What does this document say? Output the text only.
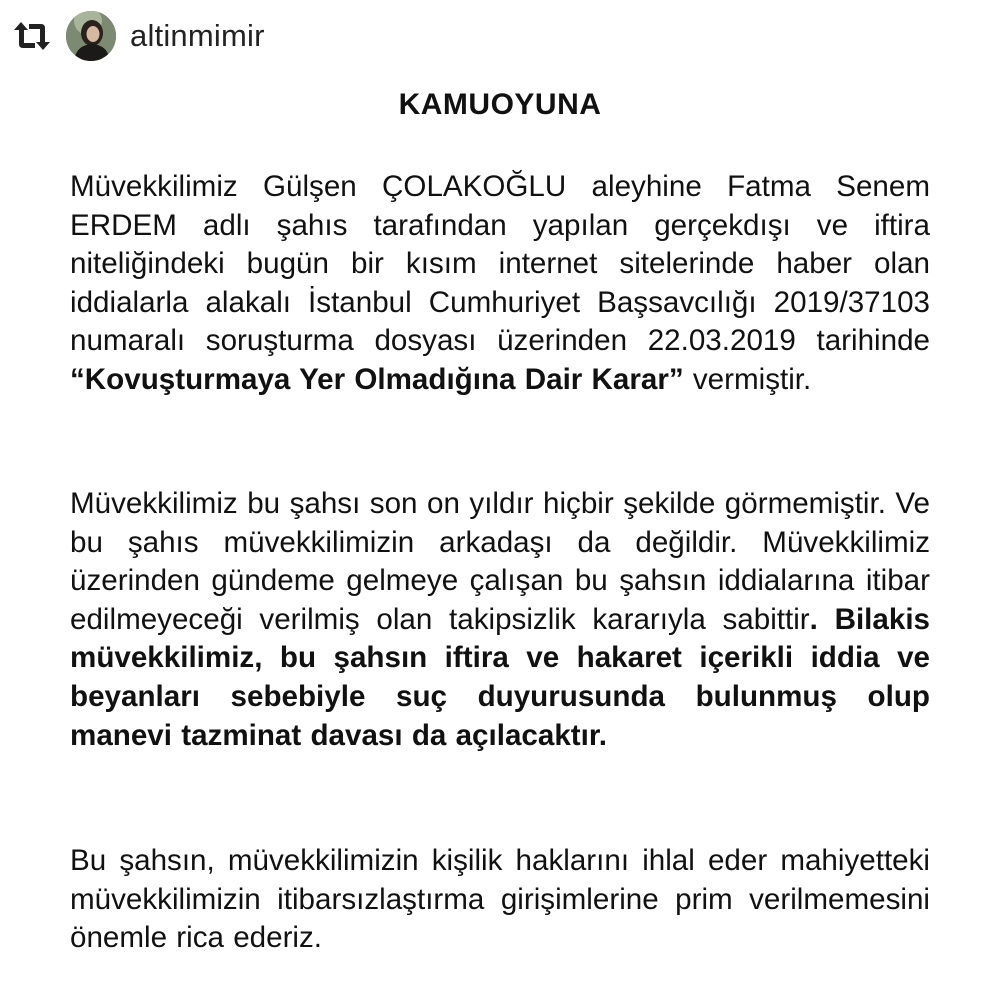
altinmimir
KAMUOYUNA
Müvekkilimiz Gülşen ÇOLAKOĞLU aleyhine Fatma Senem ERDEM adlı şahıs tarafından yapılan gerçekdışı ve iftira niteliğindeki bugün bir kısım internet sitelerinde haber olan iddialarla alakalı İstanbul Cumhuriyet Başsavcılığı 2019/37103 numaralı soruşturma dosyası üzerinden 22.03.2019 tarihinde “Kovuşturmaya Yer Olmadığına Dair Karar” vermiştir.
Müvekkilimiz bu şahsı son on yıldır hiçbir şekilde görmemiştir. Ve bu şahıs müvekkilimizin arkadaşı da değildir. Müvekkilimiz üzerinden gündeme gelmeye çalışan bu şahsın iddialarına itibar edilmeyeceği verilmiş olan takipsizlik kararıyla sabittir. Bilakis müvekkilimiz, bu şahsın iftira ve hakaret içerikli iddia ve beyanları sebebiyle suç duyurusunda bulunmuş olup manevi tazminat davası da açılacaktır.
Bu şahsın, müvekkilimizin kişilik haklarını ihlal eder mahiyetteki müvekkilimizin itibarsızlaştırma girişimlerine prim verilmemesini önemle rica ederiz.
